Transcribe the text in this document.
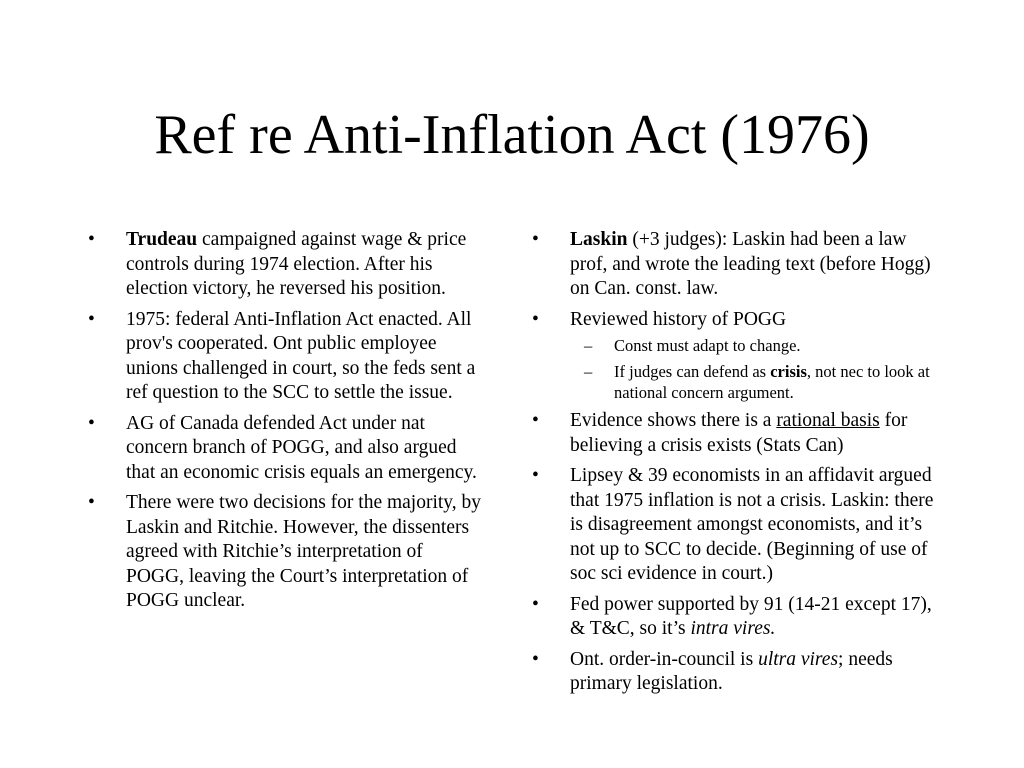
Ref re Anti-Inflation Act (1976)
• Trudeau campaigned against wage & price controls during 1974 election. After his election victory, he reversed his position.
• 1975: federal Anti-Inflation Act enacted. All prov's cooperated. Ont public employee unions challenged in court, so the feds sent a ref question to the SCC to settle the issue.
• AG of Canada defended Act under nat concern branch of POGG, and also argued that an economic crisis equals an emergency.
• There were two decisions for the majority, by Laskin and Ritchie. However, the dissenters agreed with Ritchie’s interpretation of POGG, leaving the Court’s interpretation of POGG unclear.
• Laskin (+3 judges): Laskin had been a law prof, and wrote the leading text (before Hogg) on Can. const. law.
• Reviewed history of POGG
– Const must adapt to change.
– If judges can defend as crisis, not nec to look at national concern argument.
• Evidence shows there is a rational basis for believing a crisis exists (Stats Can)
• Lipsey & 39 economists in an affidavit argued that 1975 inflation is not a crisis. Laskin: there is disagreement amongst economists, and it’s not up to SCC to decide. (Beginning of use of soc sci evidence in court.)
• Fed power supported by 91 (14-21 except 17), & T&C, so it’s intra vires.
• Ont. order-in-council is ultra vires; needs primary legislation.
